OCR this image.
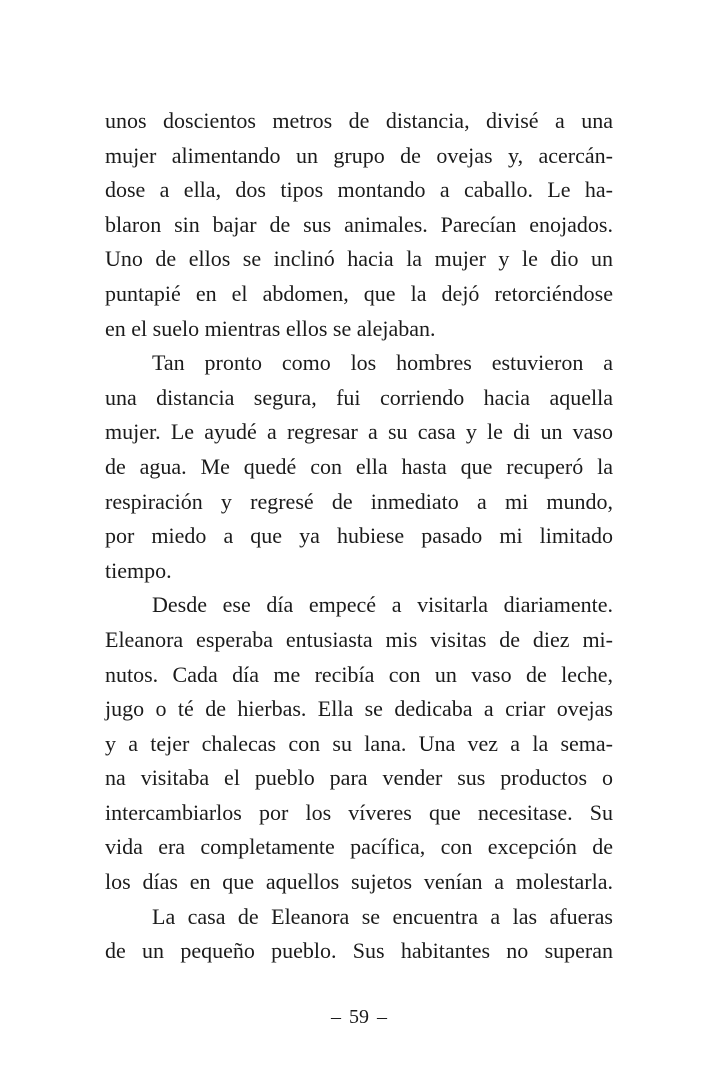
unos doscientos metros de distancia, divisé a una
mujer alimentando un grupo de ovejas y, acercán-
dose a ella, dos tipos montando a caballo. Le ha-
blaron sin bajar de sus animales. Parecían enojados.
Uno de ellos se inclinó hacia la mujer y le dio un
puntapié en el abdomen, que la dejó retorciéndose
en el suelo mientras ellos se alejaban.

Tan pronto como los hombres estuvieron a
una distancia segura, fui corriendo hacia aquella
mujer. Le ayudé a regresar a su casa y le di un vaso
de agua. Me quedé con ella hasta que recuperó la
respiración y regresé de inmediato a mi mundo,
por miedo a que ya hubiese pasado mi limitado
tiempo.

Desde ese día empecé a visitarla diariamente.
Eleanora esperaba entusiasta mis visitas de diez mi-
nutos. Cada día me recibía con un vaso de leche,
jugo o té de hierbas. Ella se dedicaba a criar ovejas
y a tejer chalecas con su lana. Una vez a la sema-
na visitaba el pueblo para vender sus productos o
intercambiarlos por los víveres que necesitase. Su
vida era completamente pacífica, con excepción de
los días en que aquellos sujetos venían a molestarla.

La casa de Eleanora se encuentra a las afueras
de un pequeño pueblo. Sus habitantes no superan

– 59 –
